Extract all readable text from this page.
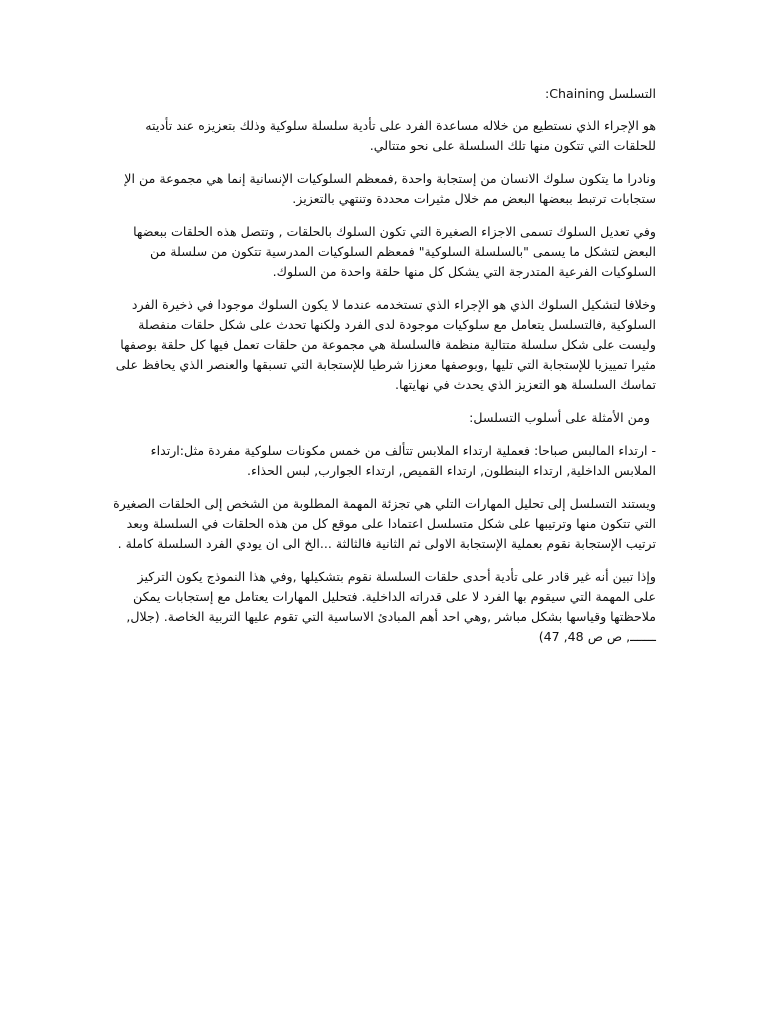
التسلسل Chaining:

هو الإجراء الذي نستطيع من خلاله مساعدة الفرد على تأدية سلسلة سلوكية وذلك بتعزيزه عند تأديته للحلقات التي تتكون منها تلك السلسلة على نحو متتالي.

ونادرا ما يتكون سلوك الانسان من إستجابة واحدة ,فمعظم السلوكيات الإنسانية إنما هي مجموعة من الإ ستجابات ترتبط ببعضها البعض مم خلال مثيرات محددة وتنتهي بالتعزيز.

وفي تعديل السلوك تسمى الاجزاء الصغيرة التي تكون السلوك بالحلقات , وتتصل هذه الحلقات ببعضها البعض لتشكل ما يسمى "بالسلسلة السلوكية" فمعظم السلوكيات المدرسية تتكون من سلسلة من السلوكيات الفرعية المتدرجة التي يشكل كل منها حلقة واحدة من السلوك.

وخلافا لتشكيل السلوك الذي هو الإجراء الذي تستخدمه عندما لا يكون السلوك موجودا في ذخيرة الفرد السلوكية ,فالتسلسل يتعامل مع سلوكيات موجودة لدى الفرد ولكنها تحدث على شكل حلقات منفصلة وليست على شكل سلسلة متتالية منظمة فالسلسلة هي مجموعة من حلقات تعمل فيها كل حلقة بوصفها مثيرا تمييزيا للإستجابة التي تليها ,وبوصفها معززا شرطيا للإستجابة التي تسبقها والعنصر الذي يحافظ على تماسك السلسلة هو التعزيز الذي يحدث في نهايتها.

ومن الأمثلة على أسلوب التسلسل:

- ارتداء المالبس صباحا: فعملية ارتداء الملابس تتألف من خمس مكونات سلوكية مفردة مثل:ارتداء الملابس الداخلية, ارتداء البنطلون, ارتداء القميص, ارتداء الجوارب, لبس الحذاء.

ويستند التسلسل إلى تحليل المهارات التلي هي تجزئة المهمة المطلوبة من الشخص إلى الحلقات الصغيرة التي تتكون منها وترتيبها على شكل متسلسل اعتمادا على موقع كل من هذه الحلقات في السلسلة وبعد ترتيب الإستجابة نقوم بعملية الإستجابة الاولى ثم الثانية فالثالثة ...الخ الى ان يودي الفرد السلسلة كاملة .

وإذا تبين أنه غير قادر على تأدية أحدى حلقات السلسلة نقوم بتشكيلها ,وفي هذا النموذج يكون التركيز على المهمة التي سيقوم بها الفرد لا على قدراته الداخلية. فتحليل المهارات يعتامل مع إستجابات يمكن ملاحظتها وقياسها بشكل مباشر ,وهي احد أهم المبادئ الاساسية التي تقوم عليها التربية الخاصة. (جلال, ـــــــ, ص ص 48, 47)
